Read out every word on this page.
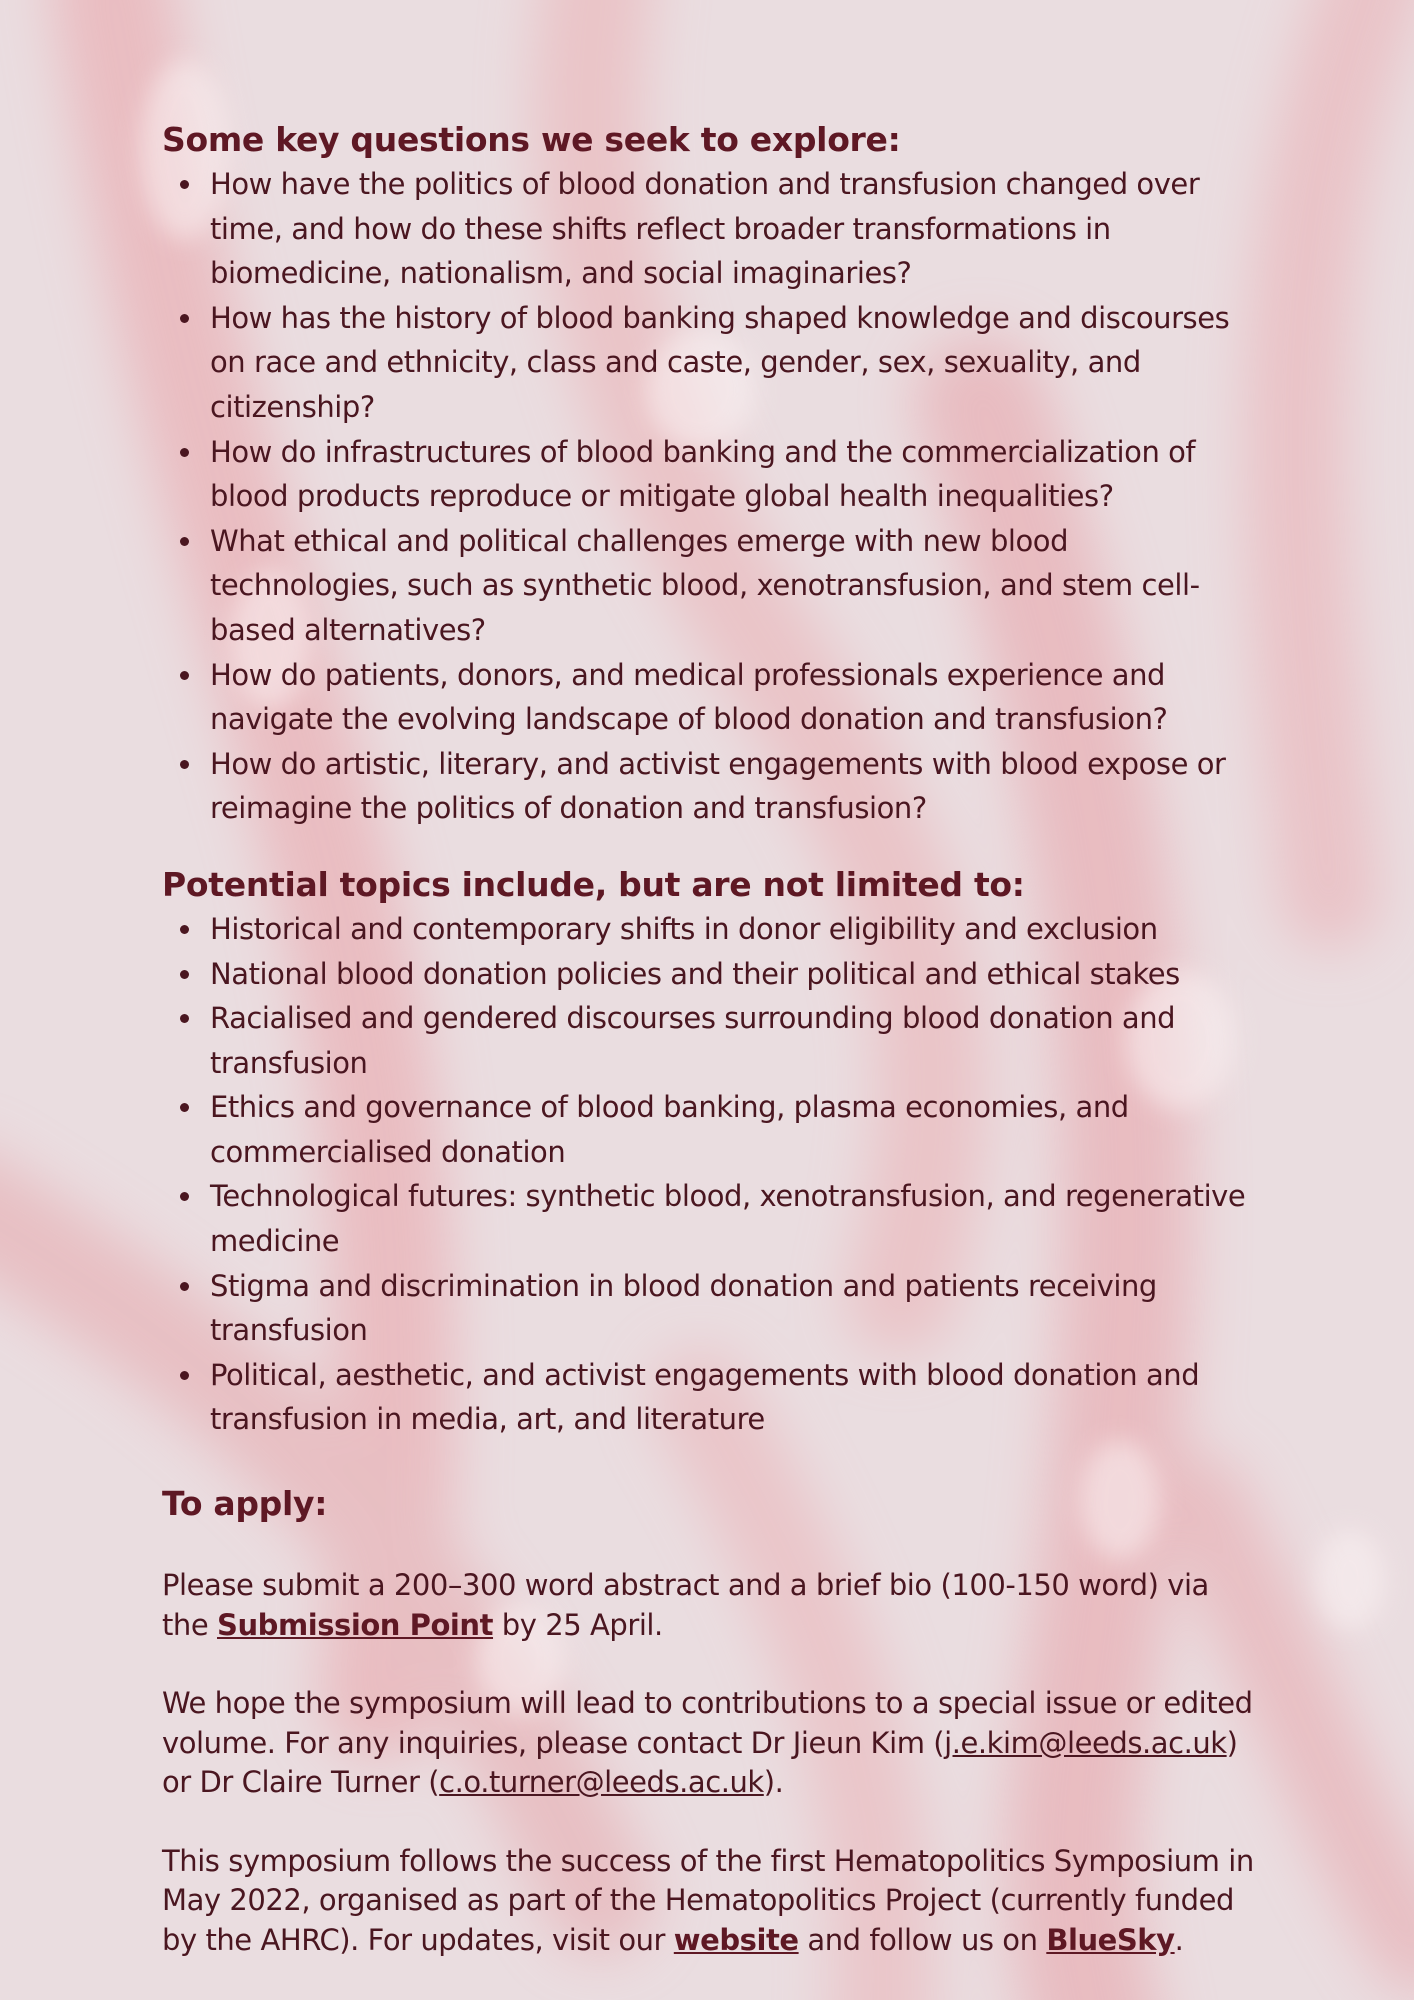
Some key questions we seek to explore:
How have the politics of blood donation and transfusion changed over time, and how do these shifts reflect broader transformations in biomedicine, nationalism, and social imaginaries?
How has the history of blood banking shaped knowledge and discourses on race and ethnicity, class and caste, gender, sex, sexuality, and citizenship?
How do infrastructures of blood banking and the commercialization of blood products reproduce or mitigate global health inequalities?
What ethical and political challenges emerge with new blood technologies, such as synthetic blood, xenotransfusion, and stem cell-based alternatives?
How do patients, donors, and medical professionals experience and navigate the evolving landscape of blood donation and transfusion?
How do artistic, literary, and activist engagements with blood expose or reimagine the politics of donation and transfusion?
Potential topics include, but are not limited to:
Historical and contemporary shifts in donor eligibility and exclusion
National blood donation policies and their political and ethical stakes
Racialised and gendered discourses surrounding blood donation and transfusion
Ethics and governance of blood banking, plasma economies, and commercialised donation
Technological futures: synthetic blood, xenotransfusion, and regenerative medicine
Stigma and discrimination in blood donation and patients receiving transfusion
Political, aesthetic, and activist engagements with blood donation and transfusion in media, art, and literature
To apply:

Please submit a 200–300 word abstract and a brief bio (100-150 word) via the Submission Point by 25 April.

We hope the symposium will lead to contributions to a special issue or edited volume. For any inquiries, please contact Dr Jieun Kim (j.e.kim@leeds.ac.uk) or Dr Claire Turner (c.o.turner@leeds.ac.uk).

This symposium follows the success of the first Hematopolitics Symposium in May 2022, organised as part of the Hematopolitics Project (currently funded by the AHRC). For updates, visit our website and follow us on BlueSky.
